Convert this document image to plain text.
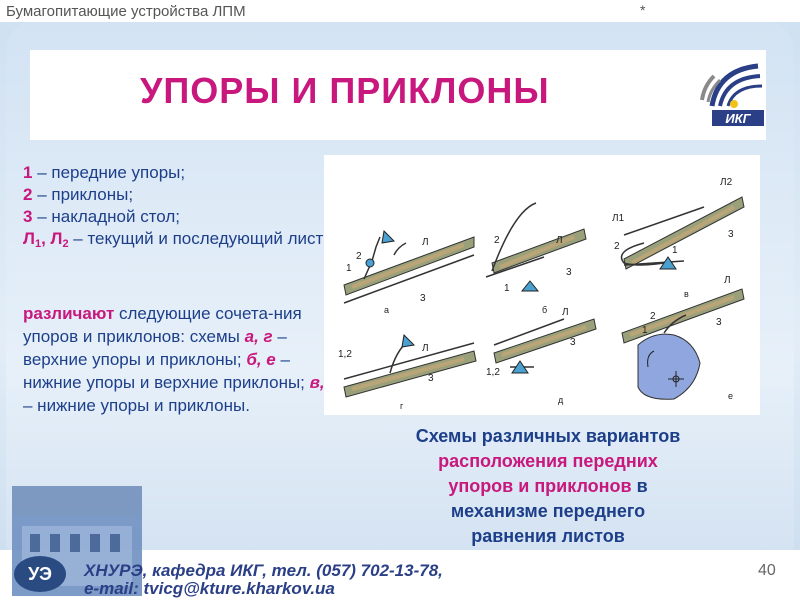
Бумагопитающие устройства ЛПМ	*
УПОРЫ И ПРИКЛОНЫ
ИКГ

1 – передние упоры;

2 – приклоны;

3 – накладной стол;

$Л_1$, $Л_2$ – текущий и последующий листы;

различают следующие сочета-ния упоров и приклонов: схемы а, г – верхние упоры и приклоны; б, е – нижние упоры и верхние приклоны; в, д – нижние упоры и приклоны.
1
2
Л
3
а
2	Л
3
1
б
Л1
Л2
3
2	1
в
1,2
Л
3
г
1,2
Л
3
д
1
2
Л
3
е
Схемы различных вариантов
расположения передних
упоров и приклонов в
механизме переднего
равнения листов
УЭ ХНУРЭ, кафедра ИКГ, тел. (057) 702-13-78,
e-mail: tvicg@kture.kharkov.ua
40
